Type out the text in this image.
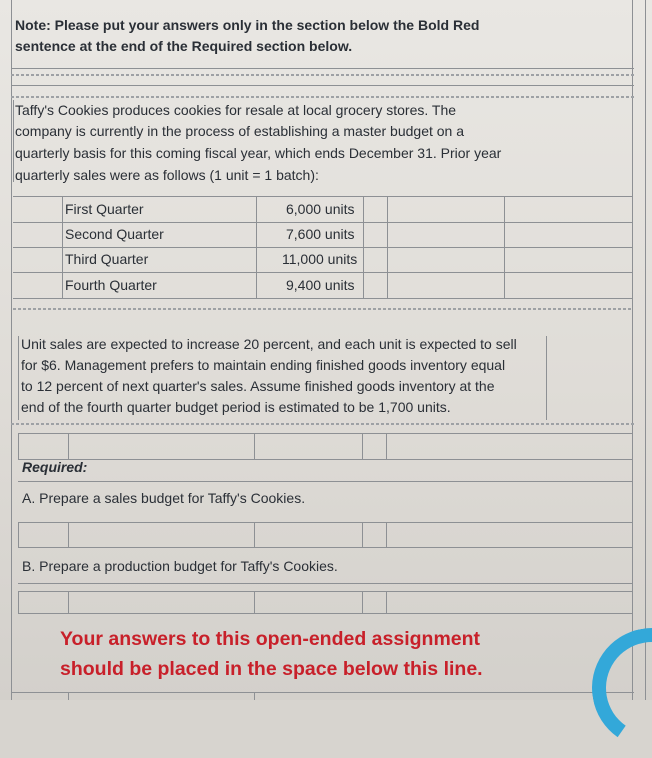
Note: Please put your answers only in the section below the Bold Red
sentence at the end of the Required section below.
Taffy's Cookies produces cookies for resale at local grocery stores. The
company is currently in the process of establishing a master budget on a
quarterly basis for this coming fiscal year, which ends December 31. Prior year
quarterly sales were as follows (1 unit = 1 batch):
First Quarter	6,000 units
Second Quarter	7,600 units
Third Quarter	11,000 units
Fourth Quarter	9,400 units
Unit sales are expected to increase 20 percent, and each unit is expected to sell
for $6. Management prefers to maintain ending finished goods inventory equal
to 12 percent of next quarter's sales. Assume finished goods inventory at the
end of the fourth quarter budget period is estimated to be 1,700 units.
Required:
A. Prepare a sales budget for Taffy's Cookies.
B. Prepare a production budget for Taffy's Cookies.
Your answers to this open-ended assignment
should be placed in the space below this line.
